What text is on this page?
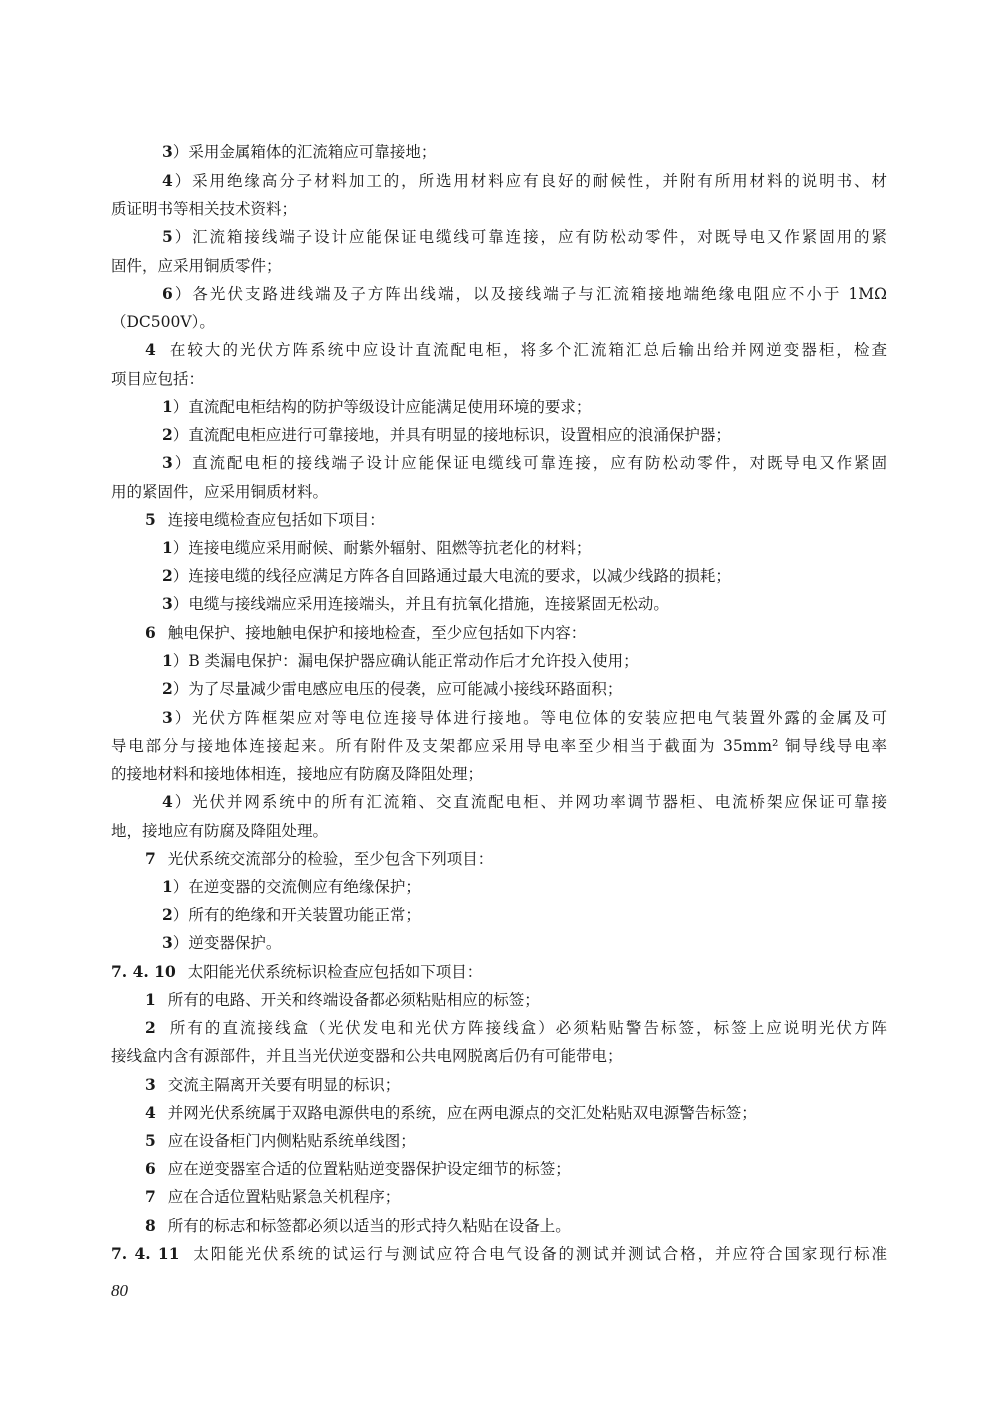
3）采用金属箱体的汇流箱应可靠接地；
4）采用绝缘高分子材料加工的，所选用材料应有良好的耐候性，并附有所用材料的说明书、材
质证明书等相关技术资料；
5）汇流箱接线端子设计应能保证电缆线可靠连接，应有防松动零件，对既导电又作紧固用的紧
固件，应采用铜质零件；
6）各光伏支路进线端及子方阵出线端，以及接线端子与汇流箱接地端绝缘电阻应不小于 1MΩ
（DC500V）。
4 在较大的光伏方阵系统中应设计直流配电柜，将多个汇流箱汇总后输出给并网逆变器柜，检查
项目应包括：
1）直流配电柜结构的防护等级设计应能满足使用环境的要求；
2）直流配电柜应进行可靠接地，并具有明显的接地标识，设置相应的浪涌保护器；
3）直流配电柜的接线端子设计应能保证电缆线可靠连接，应有防松动零件，对既导电又作紧固
用的紧固件，应采用铜质材料。
5 连接电缆检查应包括如下项目：
1）连接电缆应采用耐候、耐紫外辐射、阻燃等抗老化的材料；
2）连接电缆的线径应满足方阵各自回路通过最大电流的要求，以减少线路的损耗；
3）电缆与接线端应采用连接端头，并且有抗氧化措施，连接紧固无松动。
6 触电保护、接地触电保护和接地检查，至少应包括如下内容：
1）B 类漏电保护：漏电保护器应确认能正常动作后才允许投入使用；
2）为了尽量减少雷电感应电压的侵袭，应可能减小接线环路面积；
3）光伏方阵框架应对等电位连接导体进行接地。等电位体的安装应把电气装置外露的金属及可
导电部分与接地体连接起来。所有附件及支架都应采用导电率至少相当于截面为 35mm² 铜导线导电率
的接地材料和接地体相连，接地应有防腐及降阻处理；
4）光伏并网系统中的所有汇流箱、交直流配电柜、并网功率调节器柜、电流桥架应保证可靠接
地，接地应有防腐及降阻处理。
7 光伏系统交流部分的检验，至少包含下列项目：
1）在逆变器的交流侧应有绝缘保护；
2）所有的绝缘和开关装置功能正常；
3）逆变器保护。
7. 4. 10 太阳能光伏系统标识检查应包括如下项目：
1 所有的电路、开关和终端设备都必须粘贴相应的标签；
2 所有的直流接线盒（光伏发电和光伏方阵接线盒）必须粘贴警告标签，标签上应说明光伏方阵
接线盒内含有源部件，并且当光伏逆变器和公共电网脱离后仍有可能带电；
3 交流主隔离开关要有明显的标识；
4 并网光伏系统属于双路电源供电的系统，应在两电源点的交汇处粘贴双电源警告标签；
5 应在设备柜门内侧粘贴系统单线图；
6 应在逆变器室合适的位置粘贴逆变器保护设定细节的标签；
7 应在合适位置粘贴紧急关机程序；
8 所有的标志和标签都必须以适当的形式持久粘贴在设备上。
7. 4. 11 太阳能光伏系统的试运行与测试应符合电气设备的测试并测试合格，并应符合国家现行标准
80
